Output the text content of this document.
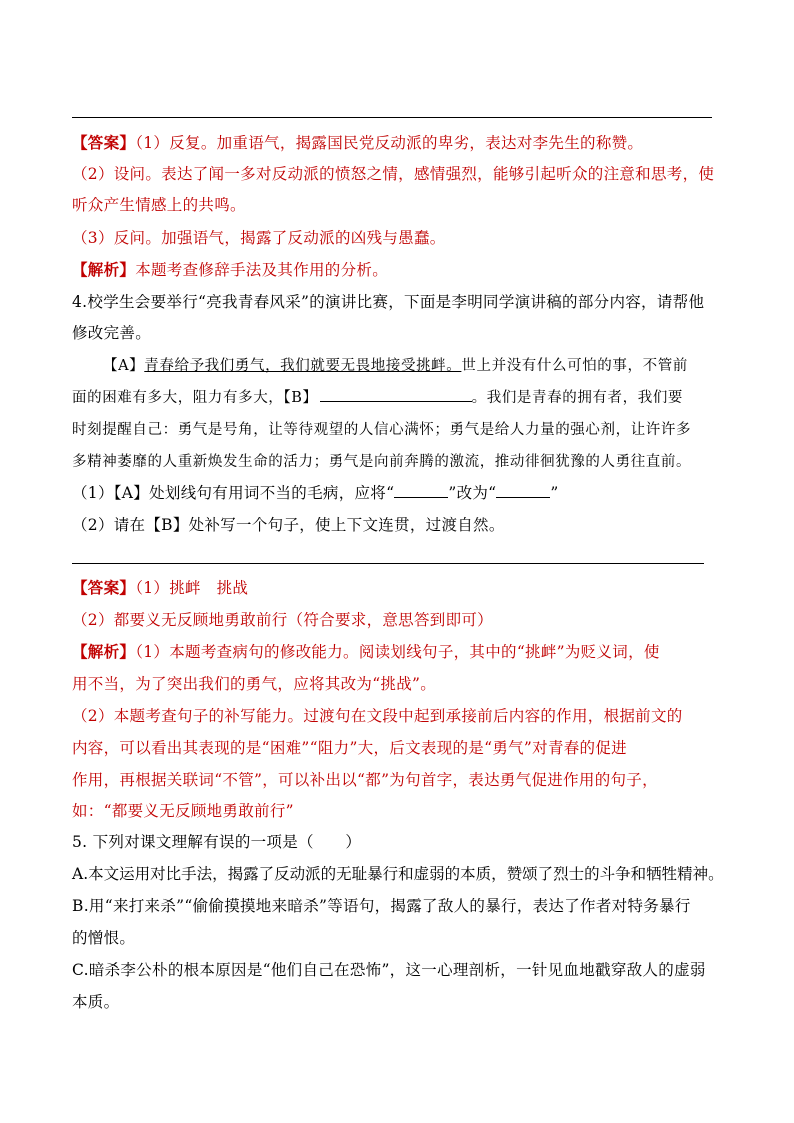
【答案】（1）反复。加重语气，揭露国民党反动派的卑劣，表达对李先生的称赞。
（2）设问。表达了闻一多对反动派的愤怒之情，感情强烈，能够引起听众的注意和思考，使
听众产生情感上的共鸣。
（3）反问。加强语气，揭露了反动派的凶残与愚蠢。
【解析】本题考查修辞手法及其作用的分析。
4.校学生会要举行“亮我青春风采”的演讲比赛，下面是李明同学演讲稿的部分内容，请帮他
修改完善。
【A】青春给予我们勇气，我们就要无畏地接受挑衅。世上并没有什么可怕的事，不管前
面的困难有多大，阻力有多大，【B】	。我们是青春的拥有者，我们要
时刻提醒自己：勇气是号角，让等待观望的人信心满怀；勇气是给人力量的强心剂，让许许多
多精神萎靡的人重新焕发生命的活力；勇气是向前奔腾的激流，推动徘徊犹豫的人勇往直前。
（1）【A】处划线句有用词不当的毛病，应将“	”改为“	”
（2）请在【B】处补写一个句子，使上下文连贯，过渡自然。
【答案】（1）挑衅　挑战
（2）都要义无反顾地勇敢前行（符合要求，意思答到即可）
【解析】（1）本题考查病句的修改能力。阅读划线句子，其中的“挑衅”为贬义词，使
用不当，为了突出我们的勇气，应将其改为“挑战”。
（2）本题考查句子的补写能力。过渡句在文段中起到承接前后内容的作用，根据前文的
内容，可以看出其表现的是“困难”“阻力”大，后文表现的是“勇气”对青春的促进
作用，再根据关联词“不管”，可以补出以“都”为句首字，表达勇气促进作用的句子，
如：“都要义无反顾地勇敢前行”
5. 下列对课文理解有误的一项是（　　）
A.本文运用对比手法，揭露了反动派的无耻暴行和虚弱的本质，赞颂了烈士的斗争和牺牲精神。
B.用“来打来杀”“偷偷摸摸地来暗杀”等语句，揭露了敌人的暴行，表达了作者对特务暴行
的憎恨。
C.暗杀李公朴的根本原因是“他们自己在恐怖”，这一心理剖析，一针见血地戳穿敌人的虚弱
本质。
